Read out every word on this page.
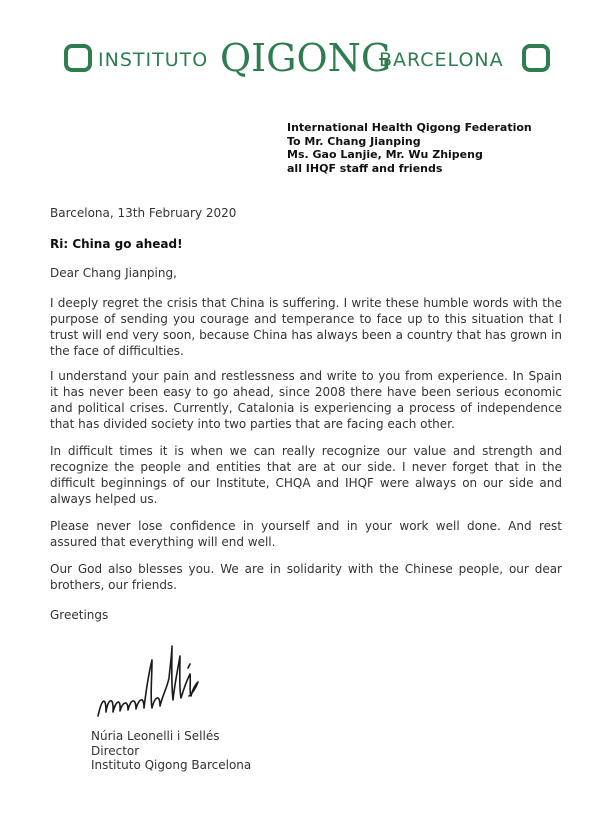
INSTITUTO QIGONG
BARCELONA
International Health Qigong Federation
To Mr. Chang Jianping
Ms. Gao Lanjie, Mr. Wu Zhipeng
all IHQF staff and friends
Barcelona, 13th February 2020
Ri: China go ahead!
Dear Chang Jianping,
I deeply regret the crisis that China is suffering. I write these humble words with the purpose of sending you courage and temperance to face up to this situation that I trust will end very soon, because China has always been a country that has grown in the face of difficulties.
I understand your pain and restlessness and write to you from experience. In Spain it has never been easy to go ahead, since 2008 there have been serious economic and political crises. Currently, Catalonia is experiencing a process of independence that has divided society into two parties that are facing each other.
In difficult times it is when we can really recognize our value and strength and recognize the people and entities that are at our side. I never forget that in the difficult beginnings of our Institute, CHQA and IHQF were always on our side and always helped us.
Please never lose confidence in yourself and in your work well done. And rest assured that everything will end well.
Our God also blesses you. We are in solidarity with the Chinese people, our dear brothers, our friends.
Greetings
Núria Leonelli i Sellés
Director
Instituto Qigong Barcelona
